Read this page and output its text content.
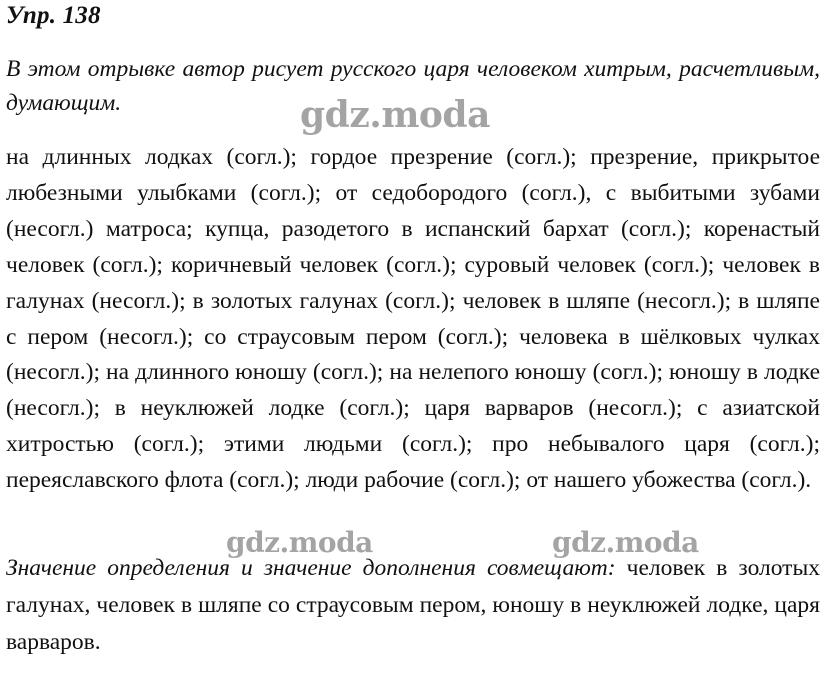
Упр. 138
В этом отрывке автор рисует русского царя человеком хитрым, расчетливым, думающим.
на длинных лодках (согл.); гордое презрение (согл.); презрение, прикрытое любезными улыбками (согл.); от седобородого (согл.), с выбитыми зубами (несогл.) матроса; купца, разодетого в испанский бархат (согл.); коренастый человек (согл.); коричневый человек (согл.); суровый человек (согл.); человек в галунах (несогл.); в золотых галунах (согл.); человек в шляпе (несогл.); в шляпе с пером (несогл.); со страусовым пером (согл.); человека в шёлковых чулках (несогл.); на длинного юношу (согл.); на нелепого юношу (согл.); юношу в лодке (несогл.); в неуклюжей лодке (согл.); царя варваров (несогл.); с азиатской хитростью (согл.); этими людьми (согл.); про небывалого царя (согл.); переяславского флота (согл.); люди рабочие (согл.); от нашего убожества (согл.).
Значение определения и значение дополнения совмещают: человек в золотых галунах, человек в шляпе со страусовым пером, юношу в неуклюжей лодке, царя варваров.
gdz.moda
gdz.moda	gdz.moda
